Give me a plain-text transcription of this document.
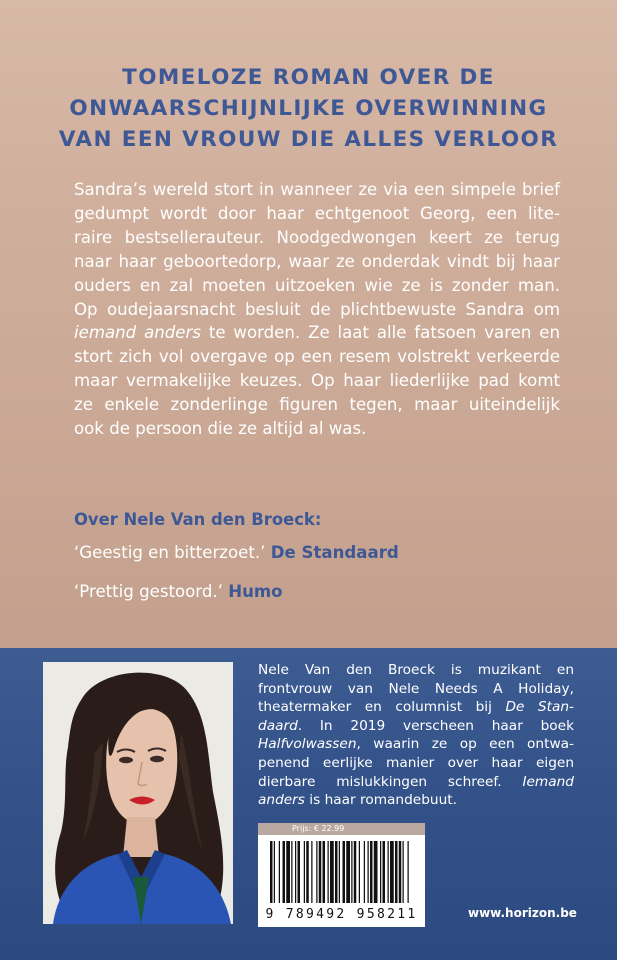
TOMELOZE ROMAN OVER DE
ONWAARSCHIJNLIJKE OVERWINNING
VAN EEN VROUW DIE ALLES VERLOOR
Sandra’s wereld stort in wanneer ze via een simpele brief
gedumpt wordt door haar echtgenoot Georg, een lite-
raire bestsellerauteur. Noodgedwongen keert ze terug
naar haar geboortedorp, waar ze onderdak vindt bij haar
ouders en zal moeten uitzoeken wie ze is zonder man.
Op oudejaarsnacht besluit de plichtbewuste Sandra om
iemand anders te worden. Ze laat alle fatsoen varen en
stort zich vol overgave op een resem volstrekt verkeerde
maar vermakelijke keuzes. Op haar liederlijke pad komt
ze enkele zonderlinge figuren tegen, maar uiteindelijk
ook de persoon die ze altijd al was.
Over Nele Van den Broeck:
‘Geestig en bitterzoet.’ De Standaard
‘Prettig gestoord.’ Humo
Nele Van den Broeck is muzikant en
frontvrouw van Nele Needs A Holiday,
theatermaker en columnist bij De Stan-
daard. In 2019 verscheen haar boek
Halfvolwassen, waarin ze op een ontwa-
penend eerlijke manier over haar eigen
dierbare mislukkingen schreef. Iemand
anders is haar romandebuut.
Prijs: € 22.99
9 789492 958211	www.horizon.be
